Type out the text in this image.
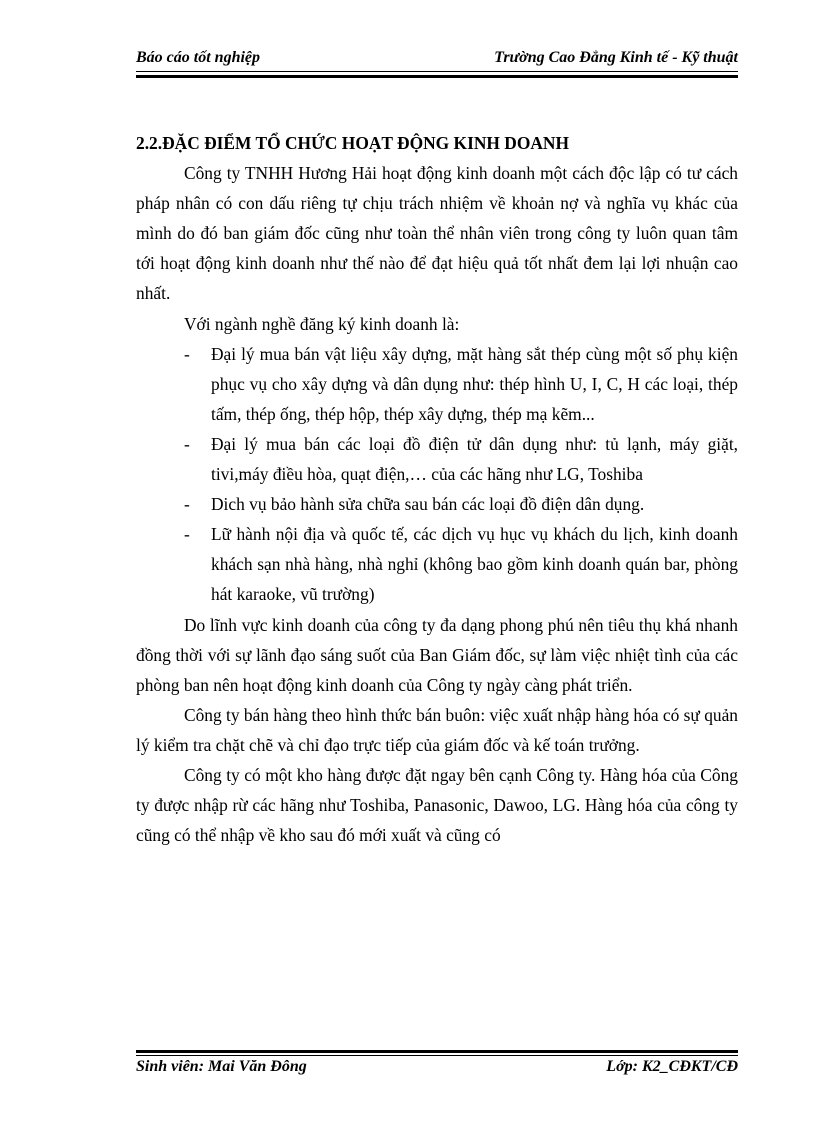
Báo cáo tốt nghiệp	Trường Cao Đẳng Kinh tế - Kỹ thuật

2.2.ĐẶC ĐIỂM TỔ CHỨC HOẠT ĐỘNG KINH DOANH

Công ty TNHH Hương Hải hoạt động kinh doanh một cách độc lập có tư cách pháp nhân có con dấu riêng tự chịu trách nhiệm về khoản nợ và nghĩa vụ khác của mình do đó ban giám đốc cũng như toàn thể nhân viên trong công ty luôn quan tâm tới hoạt động kinh doanh như thế nào để đạt hiệu quả tốt nhất đem lại lợi nhuận cao nhất.

Với ngành nghề đăng ký kinh doanh là:

- Đại lý mua bán vật liệu xây dựng, mặt hàng sắt thép cùng một số phụ kiện phục vụ cho xây dựng và dân dụng như: thép hình U, I, C, H các loại, thép tấm, thép ống, thép hộp, thép xây dựng, thép mạ kẽm...
- Đại lý mua bán các loại đồ điện tử dân dụng như: tủ lạnh, máy giặt, tivi,máy điều hòa, quạt điện,… của các hãng như LG, Toshiba
- Dich vụ bảo hành sửa chữa sau bán các loại đồ điện dân dụng.
- Lữ hành nội địa và quốc tế, các dịch vụ hục vụ khách du lịch, kinh doanh khách sạn nhà hàng, nhà nghỉ (không bao gồm kinh doanh quán bar, phòng hát karaoke, vũ trường)

Do lĩnh vực kinh doanh của công ty đa dạng phong phú nên tiêu thụ khá nhanh đồng thời với sự lãnh đạo sáng suốt của Ban Giám đốc, sự làm việc nhiệt tình của các phòng ban nên hoạt động kinh doanh của Công ty ngày càng phát triển.

Công ty bán hàng theo hình thức bán buôn: việc xuất nhập hàng hóa có sự quản lý kiểm tra chặt chẽ và chỉ đạo trực tiếp của giám đốc và kế toán trưởng.

Công ty có một kho hàng được đặt ngay bên cạnh Công ty. Hàng hóa của Công ty được nhập rừ các hãng như Toshiba, Panasonic, Dawoo, LG. Hàng hóa của công ty cũng có thể nhập về kho sau đó mới xuất và cũng có

Sinh viên: Mai Văn Đông	Lớp: K2_CĐKT/CĐ
